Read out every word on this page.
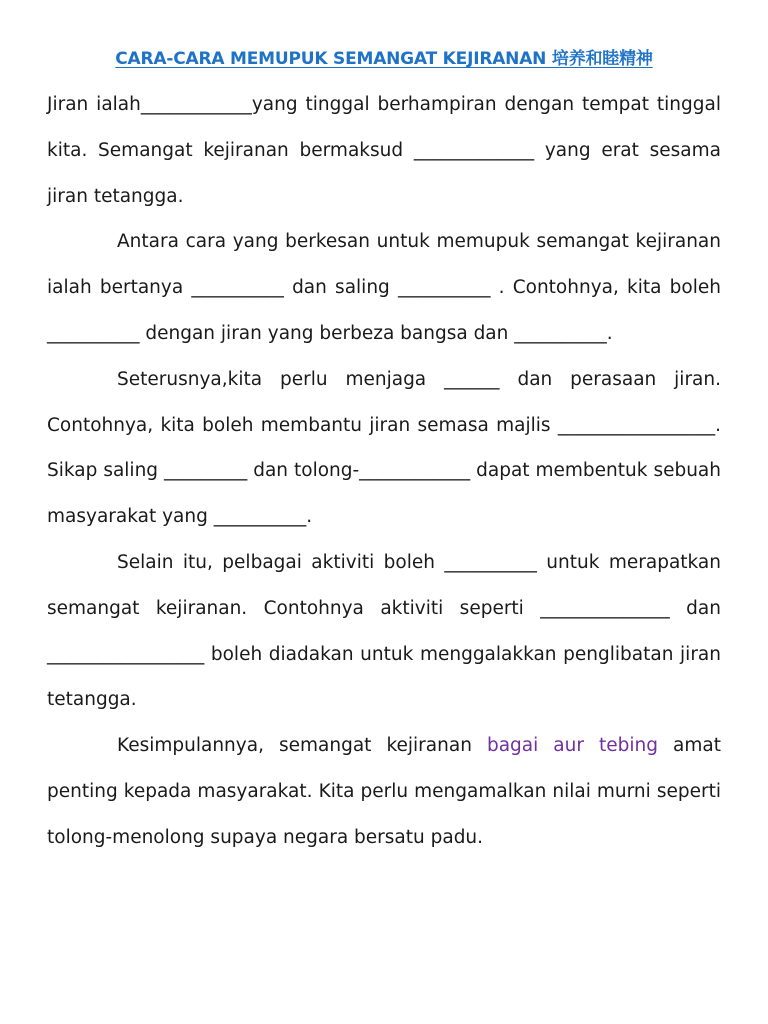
CARA-CARA MEMUPUK SEMANGAT KEJIRANAN 培养和睦精神

Jiran ialah____________yang tinggal berhampiran dengan tempat tinggal kita. Semangat kejiranan bermaksud _____________ yang erat sesama jiran tetangga.

Antara cara yang berkesan untuk memupuk semangat kejiranan ialah bertanya __________ dan saling __________ . Contohnya, kita boleh __________ dengan jiran yang berbeza bangsa dan __________.

Seterusnya,kita perlu menjaga ______ dan perasaan jiran. Contohnya, kita boleh membantu jiran semasa majlis _________________. Sikap saling _________ dan tolong-____________ dapat membentuk sebuah masyarakat yang __________.

Selain itu, pelbagai aktiviti boleh __________ untuk merapatkan semangat kejiranan. Contohnya aktiviti seperti ______________ dan _________________ boleh diadakan untuk menggalakkan penglibatan jiran tetangga.

Kesimpulannya, semangat kejiranan bagai aur tebing amat penting kepada masyarakat. Kita perlu mengamalkan nilai murni seperti tolong-menolong supaya negara bersatu padu.
